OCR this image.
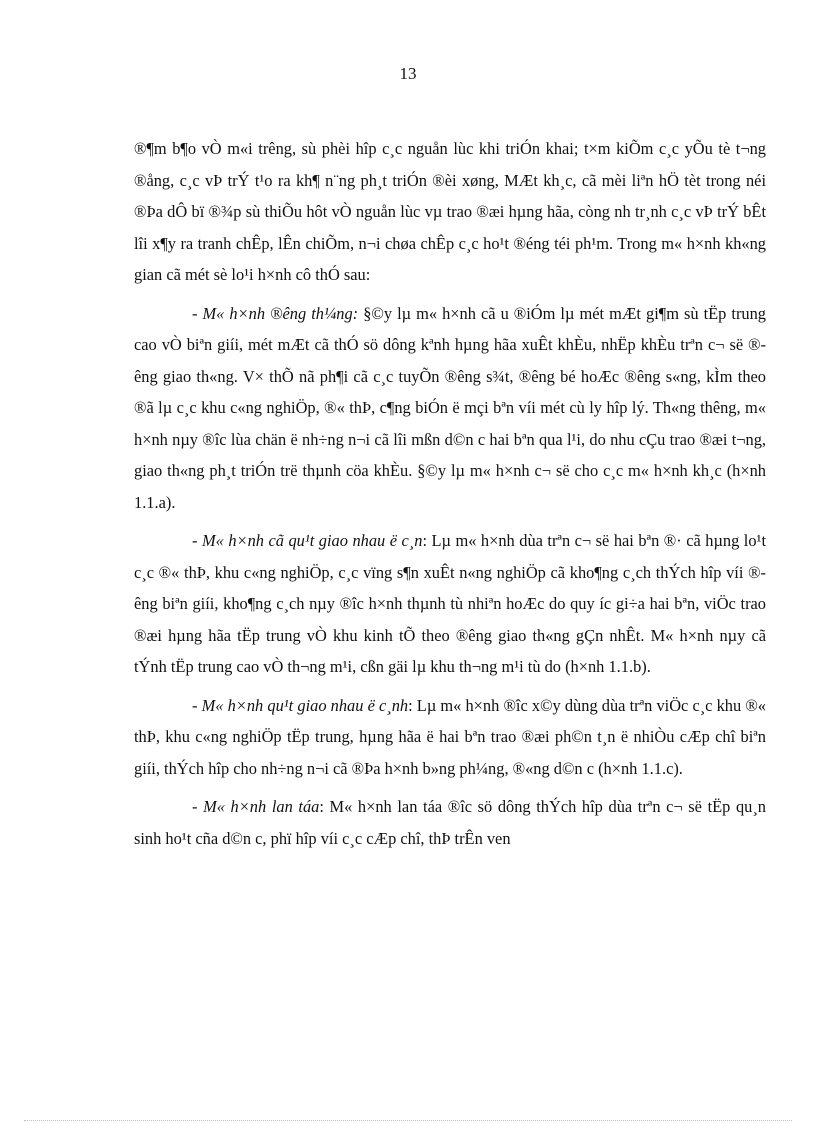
13

®¶m b¶o vÒ m«i trêng, sù phèi hîp c¸c nguån lùc khi triÓn khai; t×m kiÕm c¸c yÕu tè t¬ng ®ång, c¸c vÞ trÝ t¹o ra kh¶ n¨ng ph¸t triÓn ®èi xøng, MÆt kh¸c, cã mèi liªn hÖ tèt trong néi ®Þa dÔ bï ®¾p sù thiÕu hôt vÒ nguån lùc vµ trao ®æi hµng hãa, còng nh tr¸nh c¸c vÞ trÝ bÊt lîi x¶y ra tranh chÊp, lÊn chiÕm, n¬i chøa chÊp c¸c ho¹t ®éng téi ph¹m. Trong m« h×nh kh«ng gian cã mét sè lo¹i h×nh cô thÓ sau:

- M« h×nh ®êng th¼ng: §©y lµ m« h×nh cã u ®iÓm lµ mét mÆt gi¶m sù tËp trung cao vÒ biªn giíi, mét mÆt cã thÓ sö dông kªnh hµng hãa xuÊt khÈu, nhËp khÈu trªn c¬ së ®êng giao th«ng. V× thÕ nã ph¶i cã c¸c tuyÕn ®êng s¾t, ®êng bé hoÆc ®êng s«ng, kÌm theo ®ã lµ c¸c khu c«ng nghiÖp, ®« thÞ, c¶ng biÓn ë mçi bªn víi mét cù ly hîp lý. Th«ng thêng, m« h×nh nµy ®îc lùa chän ë nh÷ng n¬i cã lîi mßn d©n c hai bªn qua l¹i, do nhu cÇu trao ®æi t¬ng, giao th«ng ph¸t triÓn trë thµnh cöa khÈu. §©y lµ m« h×nh c¬ së cho c¸c m« h×nh kh¸c (h×nh 1.1.a).

- M« h×nh cã qu¹t giao nhau ë c¸n: Lµ m« h×nh dùa trªn c¬ së hai bªn ®· cã hµng lo¹t c¸c ®« thÞ, khu c«ng nghiÖp, c¸c vïng s¶n xuÊt n«ng nghiÖp cã kho¶ng c¸ch thÝch hîp víi ®êng biªn giíi, kho¶ng c¸ch nµy ®îc h×nh thµnh tù nhiªn hoÆc do quy íc gi÷a hai bªn, viÖc trao ®æi hµng hãa tËp trung vÒ khu kinh tÕ theo ®êng giao th«ng gÇn nhÊt. M« h×nh nµy cã tÝnh tËp trung cao vÒ th¬ng m¹i, cßn gäi lµ khu th¬ng m¹i tù do (h×nh 1.1.b).

- M« h×nh qu¹t giao nhau ë c¸nh: Lµ m« h×nh ®îc x©y dùng dùa trªn viÖc c¸c khu ®« thÞ, khu c«ng nghiÖp tËp trung, hµng hãa ë hai bªn trao ®æi ph©n t¸n ë nhiÒu cÆp chî biªn giíi, thÝch hîp cho nh÷ng n¬i cã ®Þa h×nh b»ng ph¼ng, ®«ng d©n c (h×nh 1.1.c).

- M« h×nh lan táa: M« h×nh lan táa ®îc sö dông thÝch hîp dùa trªn c¬ së tËp qu¸n sinh ho¹t cña d©n c, phï hîp víi c¸c cÆp chî, thÞ trÊn ven
